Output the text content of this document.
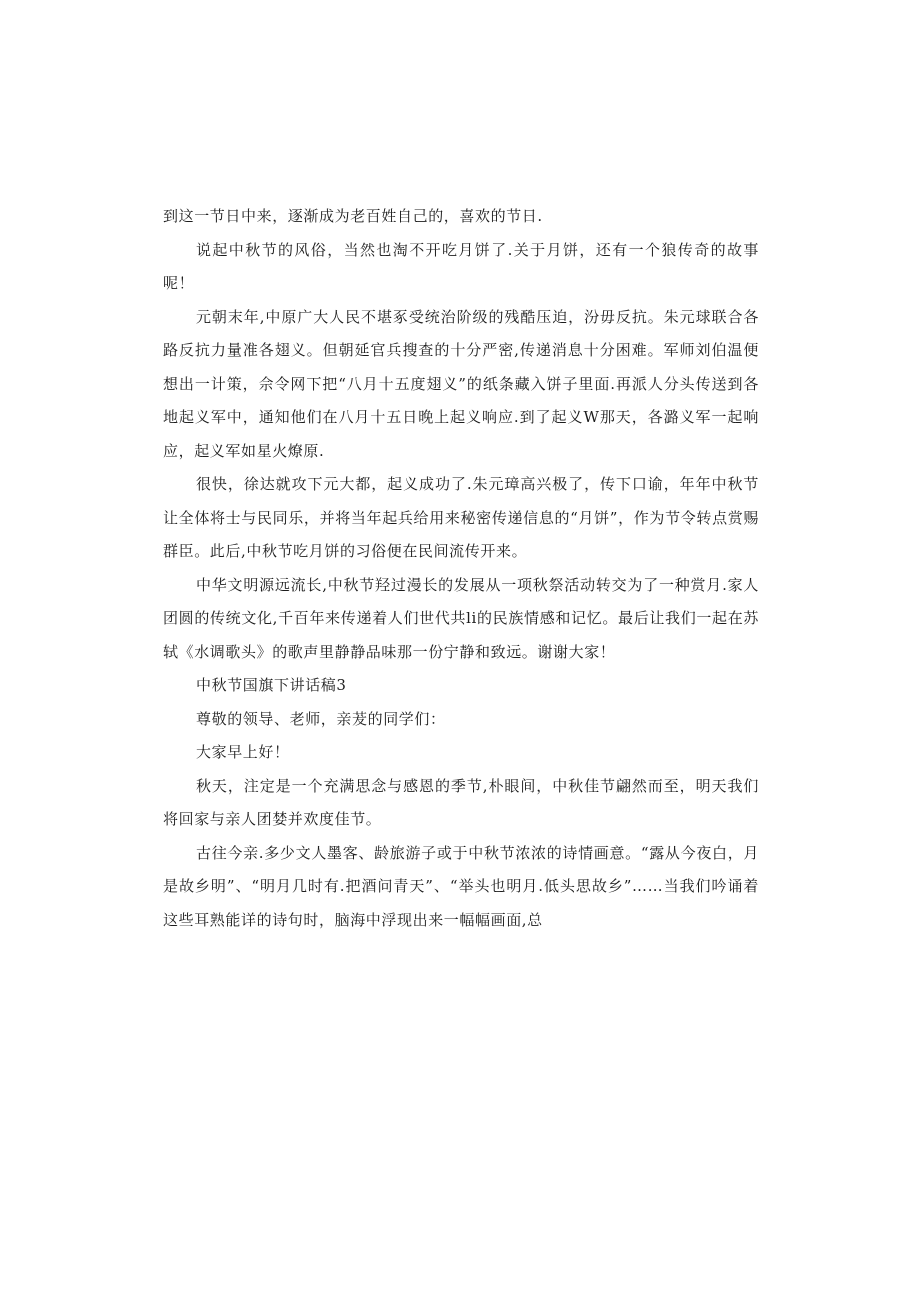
到这一节日中来，逐渐成为老百姓自己的，喜欢的节日.

说起中秋节的风俗，当然也淘不开吃月饼了.关于月饼，还有一个狼传奇的故事呢！

元朝末年,中原广大人民不堪豖受统治阶级的残酷压迫，汾毋反抗。朱元球联合各路反抗力量准各翅义。但朝延官兵搜查的十分严密,传递消息十分困难。军师刘伯温便想出一计策，佘令网下把“八月十五度翅义”的纸条藏入饼子里面.再派人分头传送到各地起义军中，通知他们在八月十五日晚上起义响应.到了起义W那天，各潞义军一起响应，起义军如星火燎原.

很快，徐达就攻下元大都，起义成功了.朱元璋高兴极了，传下口谕，年年中秋节让全体将士与民同乐，并将当年起兵给用来秘密传递信息的“月饼”，作为节令转点赏赐群臣。此后,中秋节吃月饼的习俗便在民间流传开来。

中华文明源远流长,中秋节羟过漫长的发展从一项秋祭活动转交为了一种赏月.家人团圆的传统文化,千百年来传递着人们世代共li的民族情感和记忆。最后让我们一起在苏轼《水调歌头》的歌声里静静品味那一份宁静和致远。谢谢大家！

中秋节国旗下讲话稿3

尊敬的领导、老师，亲茇的同学们：

大家早上好！

秋天，注定是一个充满思念与感恩的季节,朴眼间，中秋佳节翩然而至，明天我们将回家与亲人团婪并欢度佳节。

古往今亲.多少文人墨客、龄旅游子或于中秋节浓浓的诗情画意。“露从今夜白，月是故乡明”、“明月几时有.把酒问青天”、“举头也明月.低头思故乡”……当我们吟诵着这些耳熟能详的诗句时，脑海中浮现出来一幅幅画面,总
